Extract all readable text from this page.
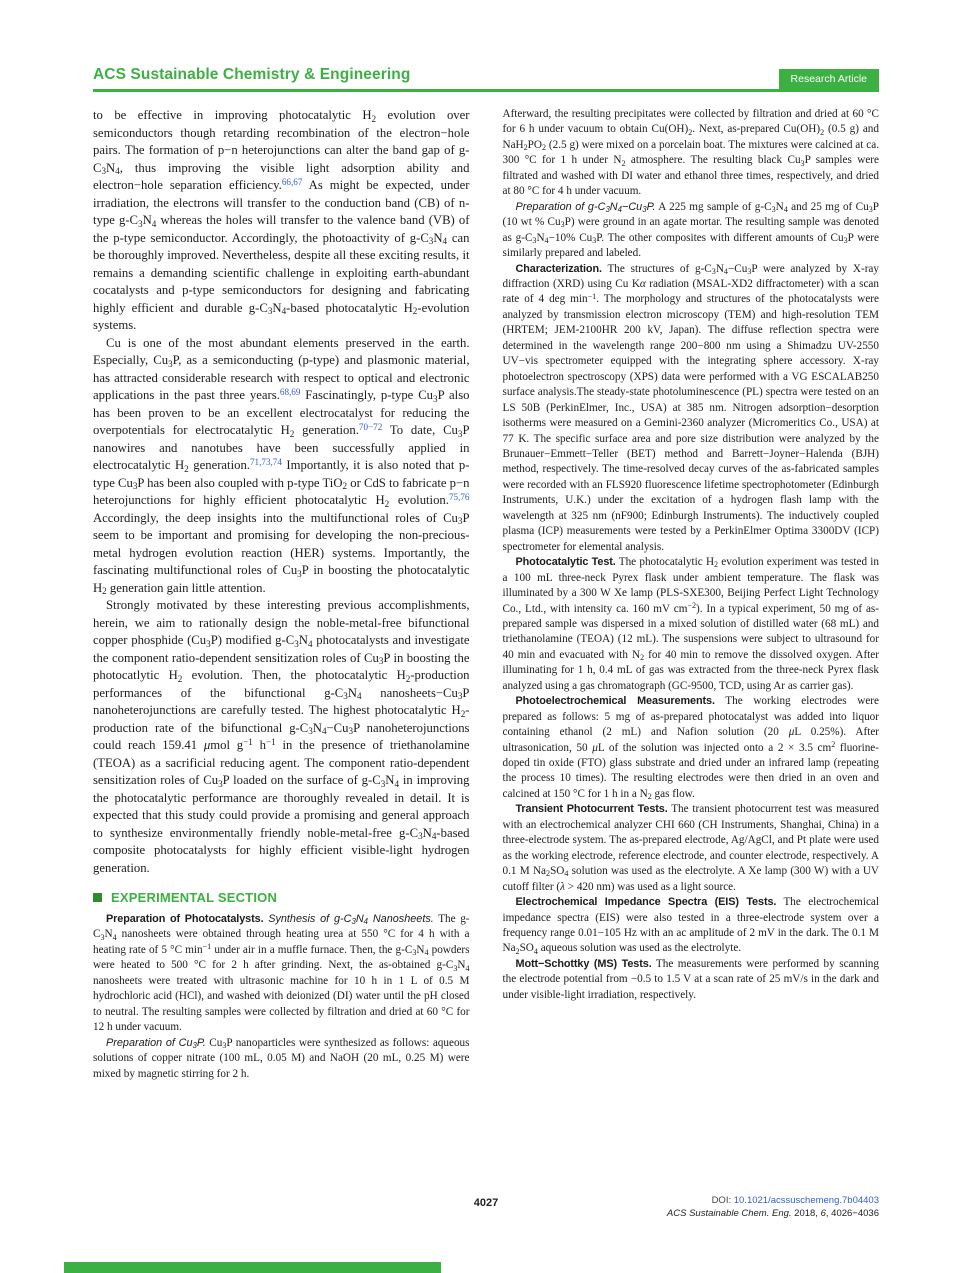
ACS Sustainable Chemistry & Engineering	Research Article

to be effective in improving photocatalytic $H_2$ evolution over semiconductors though retarding recombination of the electron−hole pairs. The formation of p−n heterojunctions can alter the band gap of $g-C_3N_4$, thus improving the visible light adsorption ability and electron−hole separation efficiency.$^{66,67}$ As might be expected, under irradiation, the electrons will transfer to the conduction band (CB) of n-type $g-C_3N_4$ whereas the holes will transfer to the valence band (VB) of the p-type semiconductor. Accordingly, the photoactivity of $g-C_3N_4$ can be thoroughly improved. Nevertheless, despite all these exciting results, it remains a demanding scientific challenge in exploiting earth-abundant cocatalysts and p-type semiconductors for designing and fabricating highly efficient and durable $g-C_3N_4$-based photocatalytic $H_2$-evolution systems.

Cu is one of the most abundant elements preserved in the earth. Especially, $Cu_3P$, as a semiconducting (p-type) and plasmonic material, has attracted considerable research with respect to optical and electronic applications in the past three years.$^{68,69}$ Fascinatingly, p-type $Cu_3P$ also has been proven to be an excellent electrocatalyst for reducing the overpotentials for electrocatalytic $H_2$ generation.$^{70-72}$ To date, $Cu_3P$ nanowires and nanotubes have been successfully applied in electrocatalytic $H_2$ generation.$^{71,73,74}$ Importantly, it is also noted that p-type $Cu_3P$ has been also coupled with p-type TiO$_2$ or CdS to fabricate p−n heterojunctions for highly efficient photocatalytic $H_2$ evolution.$^{75,76}$ Accordingly, the deep insights into the multifunctional roles of $Cu_3P$ seem to be important and promising for developing the non-precious-metal hydrogen evolution reaction (HER) systems. Importantly, the fascinating multifunctional roles of $Cu_3P$ in boosting the photocatalytic $H_2$ generation gain little attention.

Strongly motivated by these interesting previous accomplishments, herein, we aim to rationally design the noble-metal-free bifunctional copper phosphide $(Cu_3P)$ modified $g-C_3N_4$ photocatalysts and investigate the component ratio-dependent sensitization roles of $Cu_3P$ in boosting the photocatlytic $H_2$ evolution. Then, the photocatalytic $H_2$-production performances of the bifunctional $g-C_3N_4$ $nanosheets-Cu_3P$ nanoheterojunctions are carefully tested. The highest photocatalytic $H_2$-production rate of the bifunctional $g-C_3N_4-Cu_3P$ nanoheterojunctions could reach 159.41 μmol $g^{-1}$ $h^{-1}$ in the presence of triethanolamine (TEOA) as a sacrificial reducing agent. The component ratio-dependent sensitization roles of $Cu_3P$ loaded on the surface of $g-C_3N_4$ in improving the photocatalytic performance are thoroughly revealed in detail. It is expected that this study could provide a promising and general approach to synthesize environmentally friendly noble-metal-free $g-C_3N_4$-based composite photocatalysts for highly efficient visible-light hydrogen generation.

EXPERIMENTAL SECTION

Preparation of Photocatalysts. Synthesis of g-C3N4 Nanosheets. The $g-C_3N_4$ nanosheets were obtained through heating urea at 550 °C for 4 h with a heating rate of 5 °C $\min^{-1}$ under air in a muffle furnace. Then, the $g-C_3N_4$ powders were heated to 500 °C for 2 h after grinding. Next, the as-obtained $g-C_3N_4$ nanosheets were treated with ultrasonic machine for 10 h in 1 L of 0.5 M hydrochloric acid (HCl), and washed with deionized (DI) water until the pH closed to neutral. The resulting samples were collected by filtration and dried at 60 °C for 12 h under vacuum.

Preparation of Cu3P. $Cu_3P$ nanoparticles were synthesized as follows: aqueous solutions of copper nitrate (100 mL, 0.05 M) and NaOH (20 mL, 0.25 M) were mixed by magnetic stirring for 2 h.

Afterward, the resulting precipitates were collected by filtration and dried at 60 °C for 6 h under vacuum to obtain $Cu(OH)_2$. Next, as-prepared $Cu(OH)_2$ (0.5 g) and $NaH_2PO_2$ (2.5 g) were mixed on a porcelain boat. The mixtures were calcined at ca. 300 °C for 1 h under $N_2$ atmosphere. The resulting black $Cu_3P$ samples were filtrated and washed with DI water and ethanol three times, respectively, and dried at 80 °C for 4 h under vacuum.

Preparation of g-C3N4−Cu3P. A 225 mg sample of $g-C_3N_4$ and 25 mg of $Cu_3P$ (10 wt % $Cu_3P$) were ground in an agate mortar. The resulting sample was denoted as $g-C_3N_4-10\%$ $Cu_3P$. The other composites with different amounts of $Cu_3P$ were similarly prepared and labeled.

Characterization. The structures of $g-C_3N_4-Cu_3P$ were analyzed by X-ray diffraction (XRD) using Cu Kα radiation (MSAL-XD2 diffractometer) with a scan rate of 4 deg $\min^{-1}$. The morphology and structures of the photocatalysts were analyzed by transmission electron microscopy (TEM) and high-resolution TEM (HRTEM; JEM-2100HR 200 kV, Japan). The diffuse reflection spectra were determined in the wavelength range 200−800 nm using a Shimadzu UV-2550 UV−vis spectrometer equipped with the integrating sphere accessory. X-ray photoelectron spectroscopy (XPS) data were performed with a VG ESCALAB250 surface analysis.The steady-state photoluminescence (PL) spectra were tested on an LS 50B (PerkinElmer, Inc., USA) at 385 nm. Nitrogen adsorption−desorption isotherms were measured on a Gemini-2360 analyzer (Micromeritics Co., USA) at 77 K. The specific surface area and pore size distribution were analyzed by the Brunauer−Emmett−Teller (BET) method and Barrett−Joyner−Halenda (BJH) method, respectively. The time-resolved decay curves of the as-fabricated samples were recorded with an FLS920 fluorescence lifetime spectrophotometer (Edinburgh Instruments, U.K.) under the excitation of a hydrogen flash lamp with the wavelength at 325 nm (nF900; Edinburgh Instruments). The inductively coupled plasma (ICP) measurements were tested by a PerkinElmer Optima 3300DV (ICP) spectrometer for elemental analysis.

Photocatalytic Test. The photocatalytic $H_2$ evolution experiment was tested in a 100 mL three-neck Pyrex flask under ambient temperature. The flask was illuminated by a 300 W Xe lamp (PLS-SXE300, Beijing Perfect Light Technology Co., Ltd., with intensity ca. 160 mV $cm^{-2}$). In a typical experiment, 50 mg of as-prepared sample was dispersed in a mixed solution of distilled water (68 mL) and triethanolamine (TEOA) (12 mL). The suspensions were subject to ultrasound for 40 min and evacuated with $N_2$ for 40 min to remove the dissolved oxygen. After illuminating for 1 h, 0.4 mL of gas was extracted from the three-neck Pyrex flask analyzed using a gas chromatograph (GC-9500, TCD, using Ar as carrier gas).

Photoelectrochemical Measurements. The working electrodes were prepared as follows: 5 mg of as-prepared photocatalyst was added into liquor containing ethanol (2 mL) and Nafion solution (20 μL 0.25%). After ultrasonication, 50 μL of the solution was injected onto a 2 × 3.5 $cm^2$ fluorine-doped tin oxide (FTO) glass substrate and dried under an infrared lamp (repeating the process 10 times). The resulting electrodes were then dried in an oven and calcined at 150 °C for 1 h in a $N_2$ gas flow.

Transient Photocurrent Tests. The transient photocurrent test was measured with an electrochemical analyzer CHI 660 (CH Instruments, Shanghai, China) in a three-electrode system. The as-prepared electrode, Ag/AgCl, and Pt plate were used as the working electrode, reference electrode, and counter electrode, respectively. A 0.1 M $Na_2SO_4$ solution was used as the electrolyte. A Xe lamp (300 W) with a UV cutoff filter (λ > 420 nm) was used as a light source.

Electrochemical Impedance Spectra (EIS) Tests. The electrochemical impedance spectra (EIS) were also tested in a three-electrode system over a frequency range 0.01−105 Hz with an ac amplitude of 2 mV in the dark. The 0.1 M $Na_2SO_4$ aqueous solution was used as the electrolyte.

Mott−Schottky (MS) Tests. The measurements were performed by scanning the electrode potential from −0.5 to 1.5 V at a scan rate of 25 mV/s in the dark and under visible-light irradiation, respectively.

4027	DOI: 10.1021/acssuschemeng.7b04403
ACS Sustainable Chem. Eng. 2018, 6, 4026−4036
